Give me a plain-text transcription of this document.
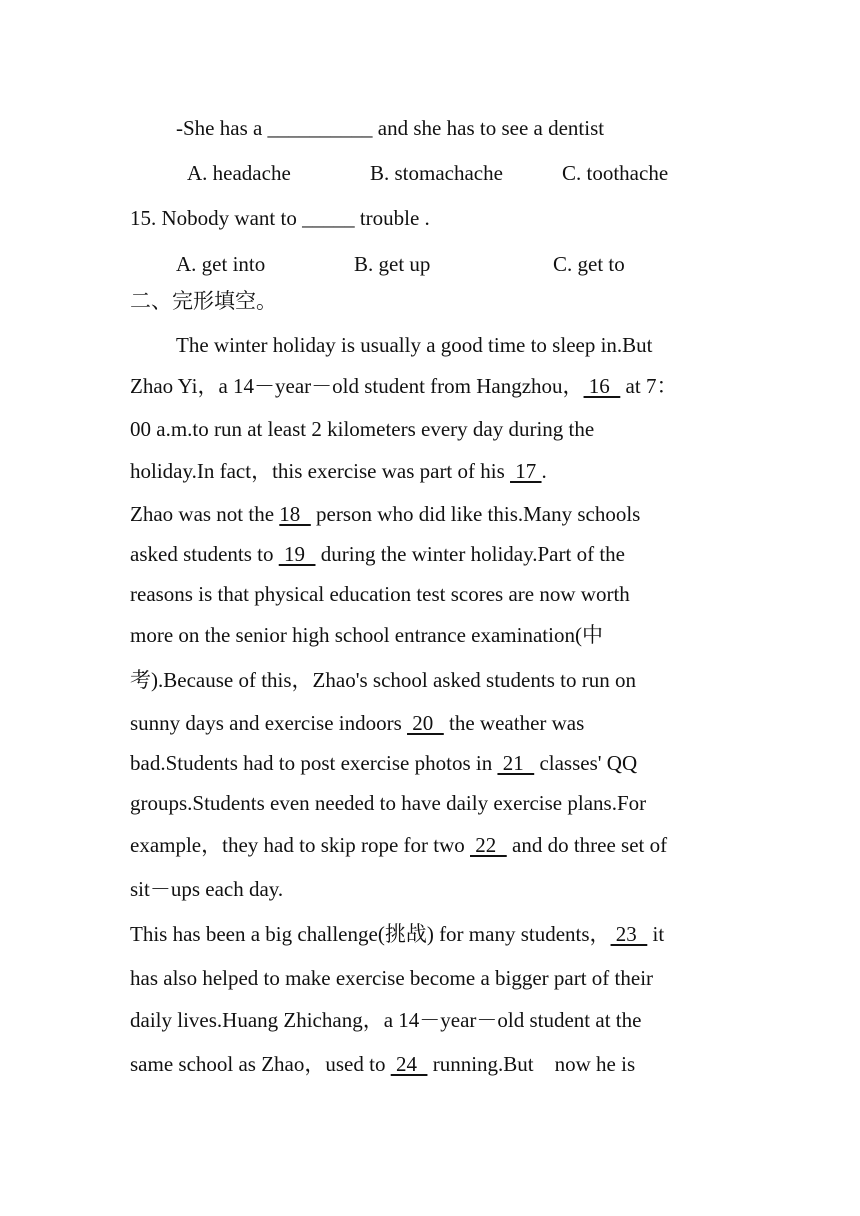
-She has a __________ and she has to see a dentist
A. headache	B. stomachache	C. toothache
15. Nobody want to _____ trouble .
A. get into	B. get up	C. get to
二、完形填空。
The winter holiday is usually a good time to sleep in.But
Zhao Yi，a 14－year－old student from Hangzhou， 16   at 7：
00 a.m.to run at least 2 kilometers every day during the
holiday.In fact，this exercise was part of his  17 .
Zhao was not the 18   person who did like this.Many schools
asked students to  19   during the winter holiday.Part of the
reasons is that physical education test scores are now worth
more on the senior high school entrance examination(中
考).Because of this，Zhao's school asked students to run on
sunny days and exercise indoors  20   the weather was
bad.Students had to post exercise photos in  21   classes' QQ
groups.Students even needed to have daily exercise plans.For
example，they had to skip rope for two  22   and do three set of
sit－ups each day.
This has been a big challenge(挑战) for many students， 23   it
has also helped to make exercise become a bigger part of their
daily lives.Huang Zhichang，a 14－year－old student at the
same school as Zhao，used to  24   running.But    now he is
